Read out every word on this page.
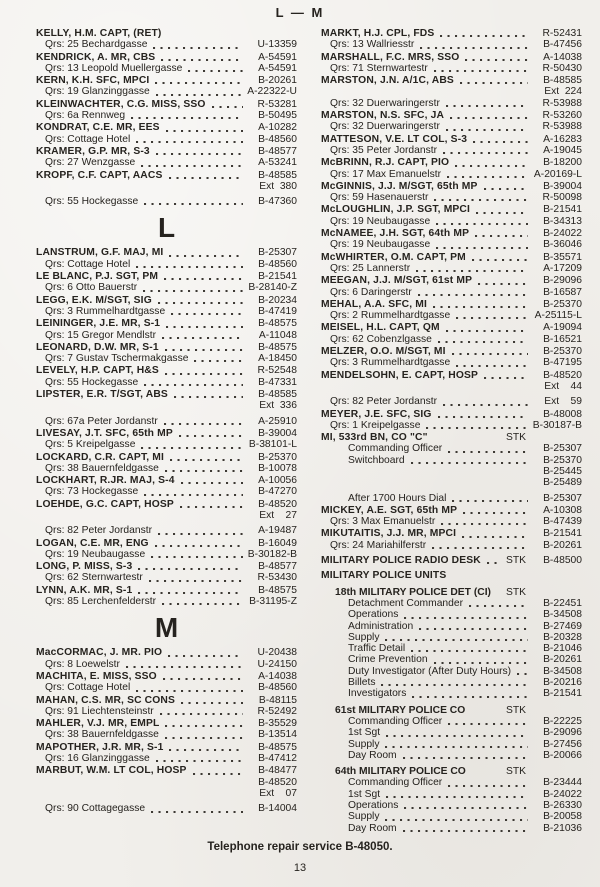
L — M
KELLY, H.M. CAPT, (RET)
Qrs: 25 Bechardgasse	U-13359
KENDRICK, A. MR, CBS	A-54591
Qrs: 13 Leopold Muellergasse	A-54591
KERN, K.H. SFC, MPCI	B-20261
Qrs: 19 Glanzinggasse	A-22322-U
KLEINWACHTER, C.G. MISS, SSO	R-53281
Qrs: 6a Rennweg	B-50495
KONDRAT, C.E. MR, EES	A-10282
Qrs: Cottage Hotel	B-48560
KRAMER, G.P. MR, S-3	B-48577
Qrs: 27 Wenzgasse	A-53241
KROPF, C.F. CAPT, AACS	B-48585
Ext  380
Qrs: 55 Hockegasse	B-47360
L
LANSTRUM, G.F. MAJ, MI	B-25307
Qrs: Cottage Hotel	B-48560
LE BLANC, P.J. SGT, PM	B-21541
Qrs: 6 Otto Bauerstr	B-28140-Z
LEGG, E.K. M/SGT, SIG	B-20234
Qrs: 3 Rummelhardtgasse	B-47419
LEININGER, J.E. MR, S-1	B-48575
Qrs: 15 Gregor Mendlstr	A-11048
LEONARD, D.W. MR, S-1	B-48575
Qrs: 7 Gustav Tschermakgasse	A-18450
LEVELY, H.P. CAPT, H&S	R-52548
Qrs: 55 Hockegasse	B-47331
LIPSTER, E.R. T/SGT, ABS	B-48585
Ext  336
Qrs: 67a Peter Jordanstr	A-25910
LIVESAY, J.T. SFC, 65th MP	B-39004
Qrs: 5 Kreipelgasse	B-38101-L
LOCKARD, C.R. CAPT, MI	B-25370
Qrs: 38 Bauernfeldgasse	B-10078
LOCKHART, R.JR. MAJ, S-4	A-10056
Qrs: 73 Hockegasse	B-47270
LOEHDE, G.C. CAPT, HOSP	B-48520
Ext    27
Qrs: 82 Peter Jordanstr	A-19487
LOGAN, C.E. MR, ENG	B-16049
Qrs: 19 Neubaugasse	B-30182-B
LONG, P. MISS, S-3	B-48577
Qrs: 62 Sternwartestr	R-53430
LYNN, A.K. MR, S-1	B-48575
Qrs: 85 Lerchenfelderstr	B-31195-Z
M
MacCORMAC, J. MR. PIO	U-20438
Qrs: 8 Loewelstr	U-24150
MACHITA, E. MISS, SSO	A-14038
Qrs: Cottage Hotel	B-48560
MAHAN, C.S. MR, SC CONS	B-48115
Qrs: 91 Liechtensteinstr	R-52492
MAHLER, V.J. MR, EMPL	B-35529
Qrs: 38 Bauernfeldgasse	B-13514
MAPOTHER, J.R. MR, S-1	B-48575
Qrs: 16 Glanzinggasse	B-47412
MARBUT, W.M. LT COL, HOSP	B-48477
B-48520
Ext    07
Qrs: 90 Cottagegasse	B-14004
MARKT, H.J. CPL, FDS	R-52431
Qrs: 13 Wallriesstr	B-47456
MARSHALL, F.C. MRS, SSO	A-14038
Qrs: 71 Sternwartestr	R-50430
MARSTON, J.N. A/1C, ABS	B-48585
Ext  224
Qrs: 32 Duerwaringerstr	R-53988
MARSTON, N.S. SFC, JA	R-53260
Qrs: 32 Duerwaringerstr	R-53988
MATTESON, V.E. LT COL, S-3	A-16283
Qrs: 35 Peter Jordanstr	A-19045
McBRINN, R.J. CAPT, PIO	B-18200
Qrs: 17 Max Emanuelstr	A-20169-L
McGINNIS, J.J. M/SGT, 65th MP	B-39004
Qrs: 59 Hasenauerstr	R-50098
McLOUGHLIN, J.P. SGT, MPCI	B-21541
Qrs: 19 Neubaugasse	B-34313
McNAMEE, J.H. SGT, 64th MP	B-24022
Qrs: 19 Neubaugasse	B-36046
McWHIRTER, O.M. CAPT, PM	B-35571
Qrs: 25 Lannerstr	A-17209
MEEGAN, J.J. M/SGT, 61st MP	B-29096
Qrs: 6 Daringerstr	B-16587
MEHAL, A.A. SFC, MI	B-25370
Qrs: 2 Rummelhardtgasse	A-25115-L
MEISEL, H.L. CAPT, QM	A-19094
Qrs: 62 Cobenzlgasse	B-16521
MELZER, O.O. M/SGT, MI	B-25370
Qrs: 3 Rummelhardtgasse	B-47195
MENDELSOHN, E. CAPT, HOSP	B-48520
Ext    44
Qrs: 82 Peter Jordanstr	Ext    59
MEYER, J.E. SFC, SIG	B-48008
Qrs: 1 Kreipelgasse	B-30187-B
MI, 533rd BN, CO "C"	STK
Commanding Officer	B-25307
Switchboard	B-25370
B-25445
B-25489
After 1700 Hours Dial	B-25307
MICKEY, A.E. SGT, 65th MP	A-10308
Qrs: 3 Max Emanuelstr	B-47439
MIKUTAITIS, J.J. MR, MPCI	B-21541
Qrs: 24 Mariahilferstr	B-20261
MILITARY POLICE RADIO DESK STK	B-48500
MILITARY POLICE UNITS
18th MILITARY POLICE DET (CI) STK
Detachment Commander	B-22451
Operations	B-34508
Administration	B-27469
Supply	B-20328
Traffic Detail	B-21046
Crime Prevention	B-20261
Duty Investigator (After Duty Hours)	B-34508
Billets	B-20216
Investigators	B-21541
61st MILITARY POLICE CO	STK
Commanding Officer	B-22225
1st Sgt	B-29096
Supply	B-27456
Day Room	B-20066
64th MILITARY POLICE CO	STK
Commanding Officer	B-23444
1st Sgt	B-24022
Operations	B-26330
Supply	B-20058
Day Room	B-21036
Telephone repair service B-48050.
13
